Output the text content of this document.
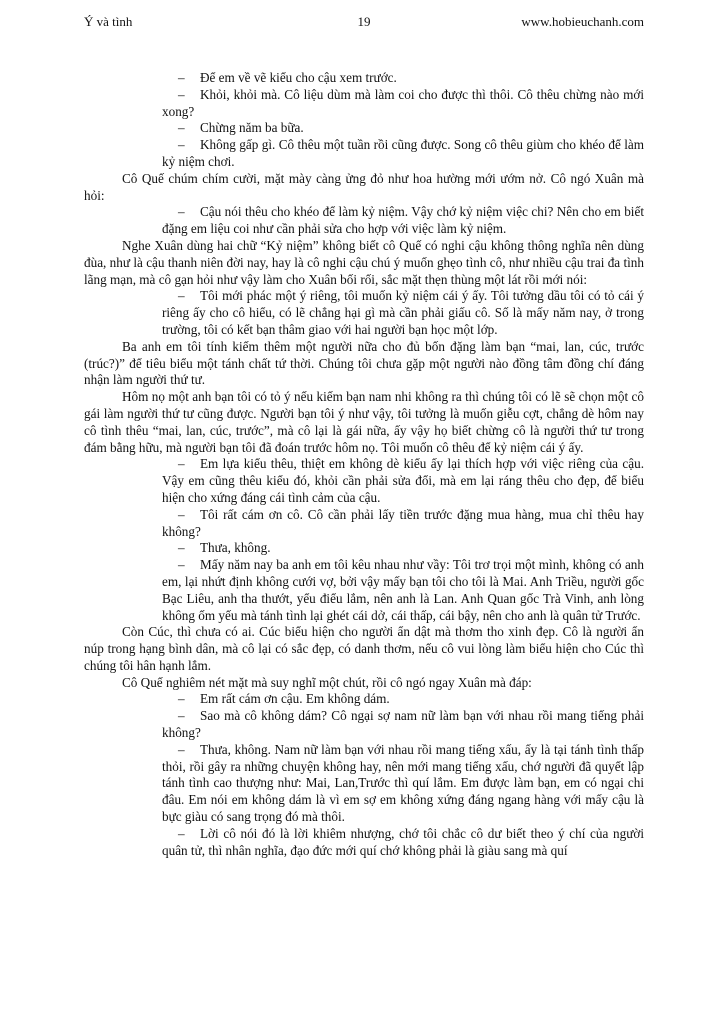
Ý và tình	19	www.hobieuchanh.com

– Để em về vẽ kiểu cho cậu xem trước.

– Khỏi, khỏi mà. Cô liệu dùm mà làm coi cho được thì thôi. Cô thêu chừng nào mới xong?

– Chừng năm ba bữa.

– Không gấp gì. Cô thêu một tuần rồi cũng được. Song cô thêu giùm cho khéo để làm kỷ niệm chơi.

Cô Quế chúm chím cười, mặt mày càng ửng đỏ như hoa hường mới ướm nở. Cô ngó Xuân mà hỏi:

– Cậu nói thêu cho khéo để làm kỷ niệm. Vậy chớ kỷ niệm việc chi? Nên cho em biết đặng em liệu coi như cần phải sửa cho hợp với việc làm kỷ niệm.

Nghe Xuân dùng hai chữ “Kỷ niệm” không biết cô Quế có nghi cậu không thông nghĩa nên dùng đùa, như là cậu thanh niên đời nay, hay là cô nghi cậu chú ý muốn ghẹo tình cô, như nhiều cậu trai đa tình lãng mạn, mà cô gạn hỏi như vậy làm cho Xuân bối rối, sắc mặt thẹn thùng một lát rồi mới nói:

– Tôi mới phác một ý riêng, tôi muốn kỷ niệm cái ý ấy. Tôi tưởng dầu tôi có tỏ cái ý riêng ấy cho cô hiểu, có lẽ chẳng hại gì mà cần phải giấu cô. Số là mấy năm nay, ở trong trường, tôi có kết bạn thâm giao với hai người bạn học một lớp.

Ba anh em tôi tính kiếm thêm một người nữa cho đủ bốn đặng làm bạn “mai, lan, cúc, trước (trúc?)” để tiêu biểu một tánh chất tứ thời. Chúng tôi chưa gặp một người nào đồng tâm đồng chí đáng nhận làm người thứ tư.

Hôm nọ một anh bạn tôi có tỏ ý nếu kiếm bạn nam nhi không ra thì chúng tôi có lẽ sẽ chọn một cô gái làm người thứ tư cũng được. Người bạn tôi ý như vậy, tôi tưởng là muốn giễu cợt, chẳng dè hôm nay cô tình thêu “mai, lan, cúc, trước”, mà cô lại là gái nữa, ấy vậy họ biết chừng cô là người thứ tư trong đám bằng hữu, mà người bạn tôi đã đoán trước hôm nọ. Tôi muốn cô thêu để kỷ niệm cái ý ấy.

– Em lựa kiểu thêu, thiệt em không dè kiểu ấy lại thích hợp với việc riêng của cậu. Vậy em cũng thêu kiểu đó, khỏi cần phải sửa đổi, mà em lại ráng thêu cho đẹp, để biểu hiện cho xứng đáng cái tình cảm của cậu.

– Tôi rất cám ơn cô. Cô cần phải lấy tiền trước đặng mua hàng, mua chỉ thêu hay không?

– Thưa, không.

– Mấy năm nay ba anh em tôi kêu nhau như vầy: Tôi trơ trọi một mình, không có anh em, lại nhứt định không cưới vợ, bởi vậy mấy bạn tôi cho tôi là Mai. Anh Triều, người gốc Bạc Liêu, anh tha thướt, yểu điểu lắm, nên anh là Lan. Anh Quan gốc Trà Vinh, anh lòng không ốm yếu mà tánh tình lại ghét cái dở, cái thấp, cái bậy, nên cho anh là quân tử Trước.

Còn Cúc, thì chưa có ai. Cúc biểu hiện cho người ẩn dật mà thơm tho xinh đẹp. Cô là người ẩn núp trong hạng bình dân, mà cô lại có sắc đẹp, có danh thơm, nếu cô vui lòng làm biểu hiện cho Cúc thì chúng tôi hân hạnh lắm.

Cô Quế nghiêm nét mặt mà suy nghĩ một chút, rồi cô ngó ngay Xuân mà đáp:

– Em rất cám ơn cậu. Em không dám.

– Sao mà cô không dám? Cô ngại sợ nam nữ làm bạn với nhau rồi mang tiếng phải không?

– Thưa, không. Nam nữ làm bạn với nhau rồi mang tiếng xấu, ấy là tại tánh tình thấp thỏi, rồi gây ra những chuyện không hay, nên mới mang tiếng xấu, chớ người đã quyết lập tánh tình cao thượng như: Mai, Lan,Trước thì quí lắm. Em được làm bạn, em có ngại chi đâu. Em nói em không dám là vì em sợ em không xứng đáng ngang hàng với mấy cậu là bực giàu có sang trọng đó mà thôi.

– Lời cô nói đó là lời khiêm nhượng, chớ tôi chắc cô dư biết theo ý chí của người quân tử, thì nhân nghĩa, đạo đức mới quí chớ không phải là giàu sang mà quí
